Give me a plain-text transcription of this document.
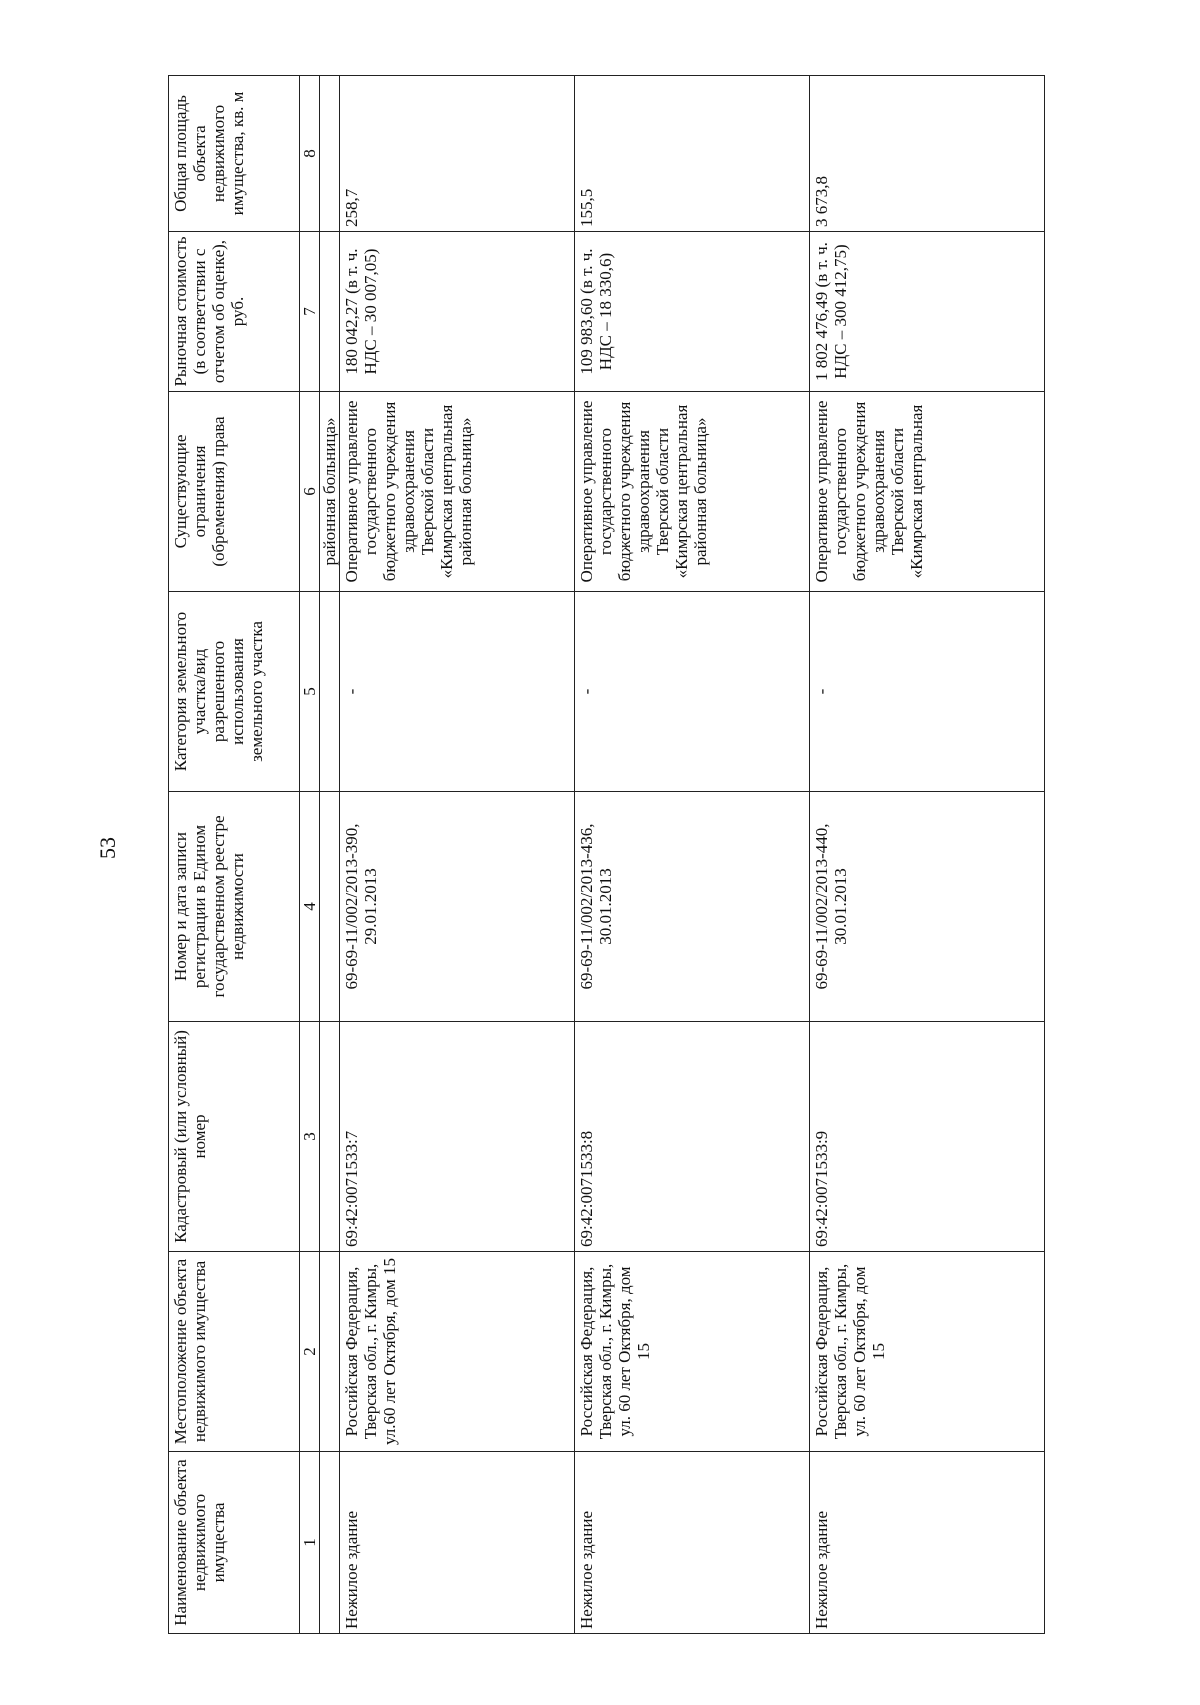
53
Наименование объекта недвижимого имущества	Местоположение объекта недвижимого имущества	Кадастровый (или условный) номер	Номер и дата записи регистрации в Едином государственном реестре недвижимости	Категория земельного участка/вид разрешенного использования земельного участка	Существующие ограничения (обременения) права	Рыночная стоимость (в соответствии с отчетом об оценке), руб.	Общая площадь объекта недвижимого имущества, кв. м
1	2	3	4	5	6	7	8
					районная больница»		
Нежилое здание	Российская Федерация, Тверская обл., г. Кимры, ул.60 лет Октября, дом 15	69:42:0071533:7	69-69-11/002/2013-390, 29.01.2013	-	Оперативное управление государственного бюджетного учреждения здравоохранения Тверской области «Кимрская центральная районная больница»	180 042,27 (в т. ч. НДС – 30 007,05)	258,7
Нежилое здание	Российская Федерация, Тверская обл., г. Кимры, ул. 60 лет Октября, дом 15	69:42:0071533:8	69-69-11/002/2013-436, 30.01.2013	-	Оперативное управление государственного бюджетного учреждения здравоохранения Тверской области «Кимрская центральная районная больница»	109 983,60 (в т. ч. НДС – 18 330,6)	155,5
Нежилое здание	Российская Федерация, Тверская обл., г. Кимры, ул. 60 лет Октября, дом 15	69:42:0071533:9	69-69-11/002/2013-440, 30.01.2013	-	Оперативное управление государственного бюджетного учреждения здравоохранения Тверской области «Кимрская центральная	1 802 476,49 (в т. ч. НДС – 300 412,75)	3 673,8
